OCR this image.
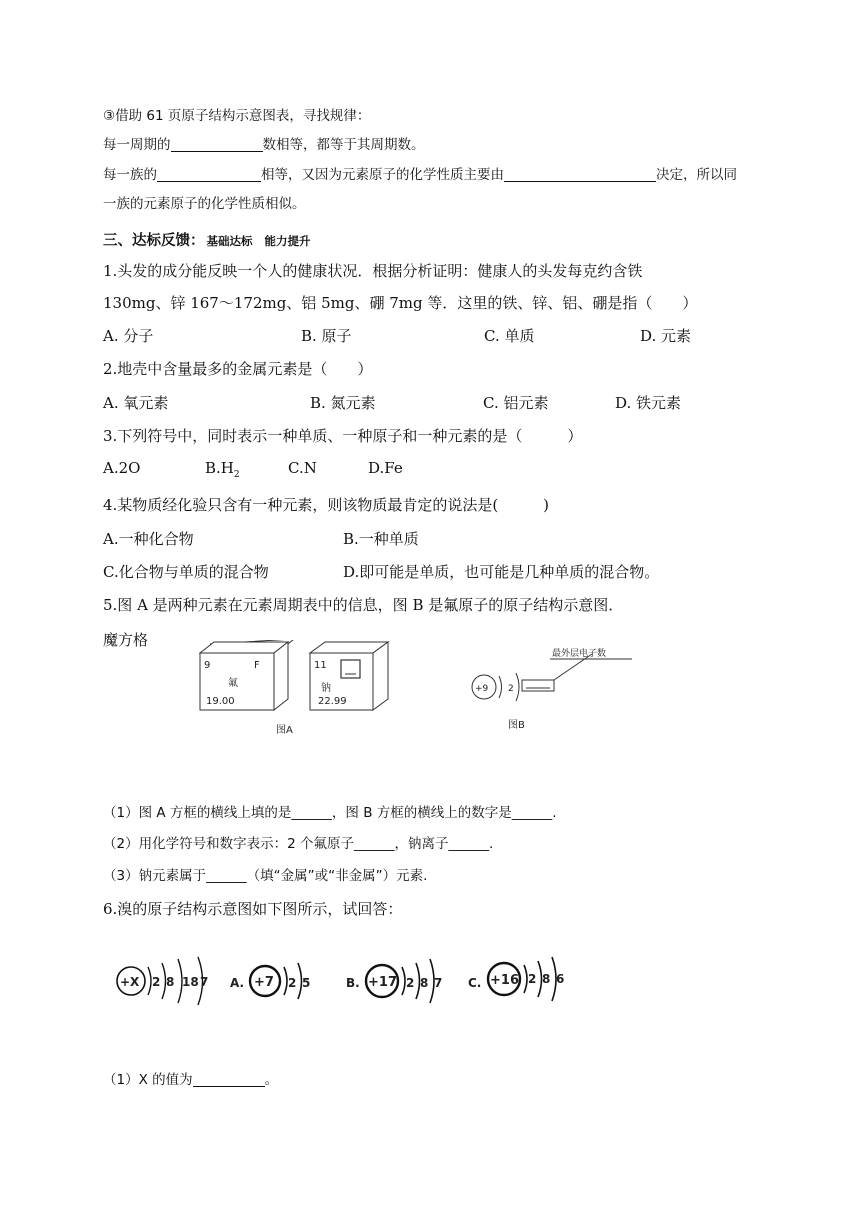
③借助 61 页原子结构示意图表，寻找规律：
每一周期的	数相等，都等于其周期数。
每一族的	相等，又因为元素原子的化学性质主要由	决定，所以同
一族的元素原子的化学性质相似。
三、达标反馈： 基础达标 能力提升
1.头发的成分能反映一个人的健康状况．根据分析证明：健康人的头发每克约含铁
130mg、锌 167～172mg、铝 5mg、硼 7mg 等．这里的铁、锌、铝、硼是指（　　）
A. 分子	B. 原子	C. 单质	D. 元素
2.地壳中含量最多的金属元素是（　　）
A. 氧元素	B. 氮元素	C. 铝元素	D. 铁元素
3.下列符号中，同时表示一种单质、一种原子和一种元素的是（　　　）
A.2O	$B.H_2$	C.N	D.Fe
4.某物质经化验只含有一种元素，则该物质最肯定的说法是(　　　)
A.一种化合物	B.一种单质
C.化合物与单质的混合物	D.即可能是单质，也可能是几种单质的混合物。
5.图 A 是两种元素在元素周期表中的信息，图 B 是氟原子的原子结构示意图．
魔方格
9	F
氟
19.00
11
钠
22.99
图A
+9 2
最外层电子数
图B
（1）图 A 方框的横线上填的是______，图 B 方框的横线上的数字是______.
（2）用化学符号和数字表示：2 个氟原子______，钠离子______.
（3）钠元素属于______（填“金属”或“非金属”）元素.
6.溴的原子结构示意图如下图所示，试回答：
+X 2 8 18 7 A. +7 2 5	B. +17 2 8 7 C. +16 2 8 6
（1）X 的值为	。
